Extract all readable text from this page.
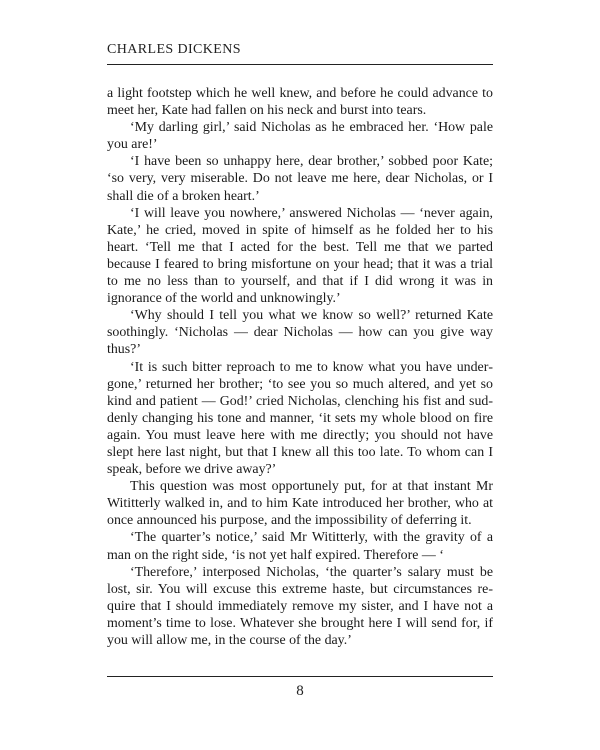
CHARLES DICKENS

a light footstep which he well knew, and before he could advance to meet her, Kate had fallen on his neck and burst into tears.

‘My darling girl,’ said Nicholas as he embraced her. ‘How pale you are!’

‘I have been so unhappy here, dear brother,’ sobbed poor Kate; ‘so very, very miserable. Do not leave me here, dear Nicholas, or I shall die of a broken heart.’

‘I will leave you nowhere,’ answered Nicholas — ‘never again, Kate,’ he cried, moved in spite of himself as he folded her to his heart. ‘Tell me that I acted for the best. Tell me that we parted because I feared to bring misfortune on your head; that it was a trial to me no less than to yourself, and that if I did wrong it was in ignorance of the world and unknowingly.’

‘Why should I tell you what we know so well?’ returned Kate soothingly. ‘Nicholas — dear Nicholas — how can you give way thus?’

‘It is such bitter reproach to me to know what you have undergone,’ returned her brother; ‘to see you so much altered, and yet so kind and patient — God!’ cried Nicholas, clenching his fist and suddenly changing his tone and manner, ‘it sets my whole blood on fire again. You must leave here with me directly; you should not have slept here last night, but that I knew all this too late. To whom can I speak, before we drive away?’

This question was most opportunely put, for at that instant Mr Wititterly walked in, and to him Kate introduced her brother, who at once announced his purpose, and the impossibility of deferring it.

‘The quarter’s notice,’ said Mr Wititterly, with the gravity of a man on the right side, ‘is not yet half expired. Therefore — ‘

‘Therefore,’ interposed Nicholas, ‘the quarter’s salary must be lost, sir. You will excuse this extreme haste, but circumstances require that I should immediately remove my sister, and I have not a moment’s time to lose. Whatever she brought here I will send for, if you will allow me, in the course of the day.’

8
